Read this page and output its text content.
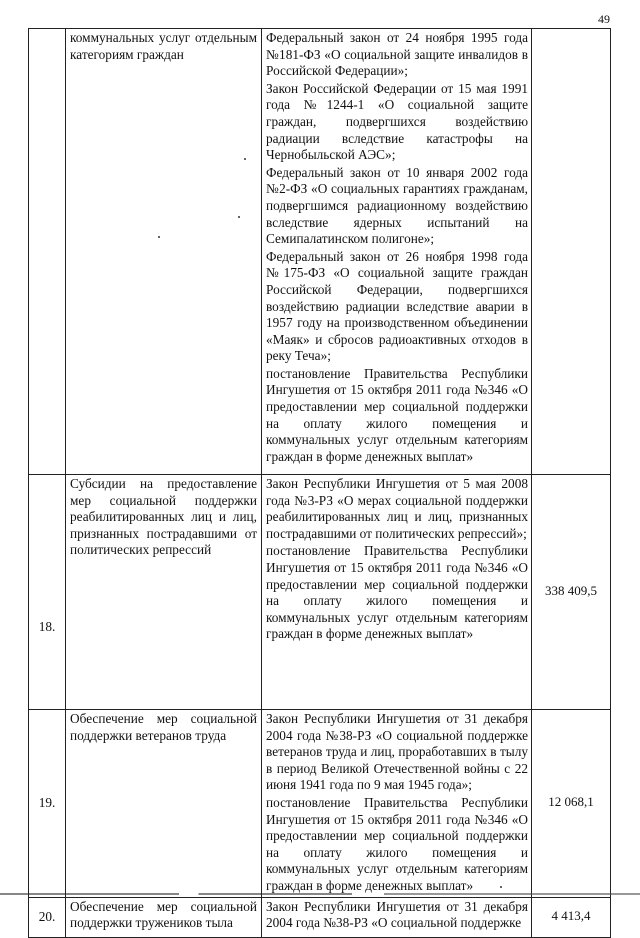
49
	коммунальных услуг отдельным категориям граждан	Федеральный закон от 24 ноября 1995 года №181-ФЗ «О социальной защите инвалидов в Российской Федерации»;

Закон Российской Федерации от 15 мая 1991 года №1244-1 «О социальной защите граждан, подвергшихся воздействию радиации вследствие катастрофы на Чернобыльской АЭС»;

Федеральный закон от 10 января 2002 года №2-ФЗ «О социальных гарантиях гражданам, подвергшимся радиационному воздействию вследствие ядерных испытаний на Семипалатинском полигоне»;

Федеральный закон от 26 ноября 1998 года №175-ФЗ «О социальной защите граждан Российской Федерации, подвергшихся воздействию радиации вследствие аварии в 1957 году на производственном объединении «Маяк» и сбросов радиоактивных отходов в реку Теча»;

постановление Правительства Республики Ингушетия от 15 октября 2011 года №346 «О предоставлении мер социальной поддержки на оплату жилого помещения и коммунальных услуг отдельным категориям граждан в форме денежных выплат»	

18.	Субсидии на предоставление мер социальной поддержки реабилитированных лиц и лиц, признанных пострадавшими от политических репрессий	Закон Республики Ингушетия от 5 мая 2008 года №3-РЗ «О мерах социальной поддержки реабилитированных лиц и лиц, признанных пострадавшими от политических репрессий»;

постановление Правительства Республики Ингушетия от 15 октября 2011 года №346 «О предоставлении мер социальной поддержки на оплату жилого помещения и коммунальных услуг отдельным категориям граждан в форме денежных выплат»	338 409,5
19.	Обеспечение мер социальной поддержки ветеранов труда	Закон Республики Ингушетия от 31 декабря 2004 года №38-РЗ «О социальной поддержке ветеранов труда и лиц, проработавших в тылу в период Великой Отечественной войны с 22 июня 1941 года по 9 мая 1945 года»;

постановление Правительства Республики Ингушетия от 15 октября 2011 года №346 «О предоставлении мер социальной поддержки на оплату жилого помещения и коммунальных услуг отдельным категориям граждан в форме денежных выплат»	12 068,1
20.	Обеспечение мер социальной поддержки тружеников тыла	Закон Республики Ингушетия от 31 декабря 2004 года №38-РЗ «О социальной поддержке	4 413,4
